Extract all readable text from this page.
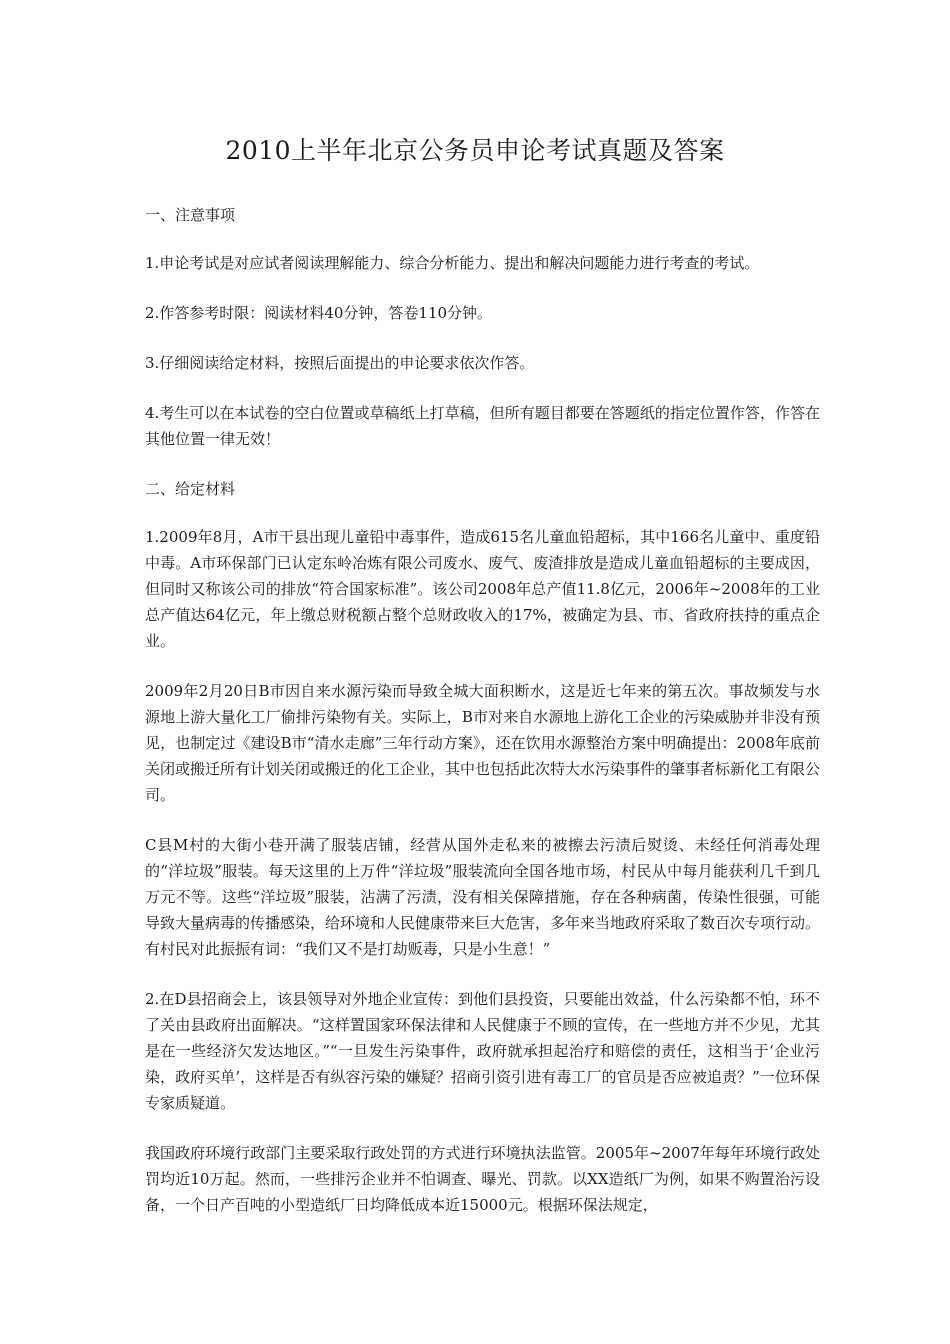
2010上半年北京公务员申论考试真题及答案

一、注意事项

1.申论考试是对应试者阅读理解能力、综合分析能力、提出和解决问题能力进行考查的考试。

2.作答参考时限：阅读材料40分钟，答卷110分钟。

3.仔细阅读给定材料，按照后面提出的申论要求依次作答。

4.考生可以在本试卷的空白位置或草稿纸上打草稿，但所有题目都要在答题纸的指定位置作答，作答在其他位置一律无效！

二、给定材料

1.2009年8月，A市干县出现儿童铅中毒事件，造成615名儿童血铅超标，其中166名儿童中、重度铅中毒。A市环保部门已认定东岭冶炼有限公司废水、废气、废渣排放是造成儿童血铅超标的主要成因，但同时又称该公司的排放“符合国家标准”。该公司2008年总产值11.8亿元，2006年~2008年的工业总产值达64亿元，年上缴总财税额占整个总财政收入的17%，被确定为县、市、省政府扶持的重点企业。

2009年2月20日B市因自来水源污染而导致全城大面积断水，这是近七年来的第五次。事故频发与水源地上游大量化工厂偷排污染物有关。实际上，B市对来自水源地上游化工企业的污染威胁并非没有预见，也制定过《建设B市“清水走廊”三年行动方案》，还在饮用水源整治方案中明确提出：2008年底前关闭或搬迁所有计划关闭或搬迁的化工企业，其中也包括此次特大水污染事件的肇事者标新化工有限公司。

C县M村的大街小巷开满了服装店铺，经营从国外走私来的被擦去污渍后熨烫、未经任何消毒处理的“洋垃圾”服装。每天这里的上万件“洋垃圾”服装流向全国各地市场，村民从中每月能获利几千到几万元不等。这些“洋垃圾”服装，沾满了污渍，没有相关保障措施，存在各种病菌，传染性很强，可能导致大量病毒的传播感染，给环境和人民健康带来巨大危害，多年来当地政府采取了数百次专项行动。有村民对此振振有词：“我们又不是打劫贩毒，只是小生意！”

2.在D县招商会上，该县领导对外地企业宣传：到他们县投资，只要能出效益，什么污染都不怕，环不了关由县政府出面解决。“这样置国家环保法律和人民健康于不顾的宣传，在一些地方并不少见，尤其是在一些经济欠发达地区。”“一旦发生污染事件，政府就承担起治疗和赔偿的责任，这相当于‘企业污染，政府买单’，这样是否有纵容污染的嫌疑？招商引资引进有毒工厂的官员是否应被追责？”一位环保专家质疑道。

我国政府环境行政部门主要采取行政处罚的方式进行环境执法监管。2005年~2007年每年环境行政处罚均近10万起。然而，一些排污企业并不怕调查、曝光、罚款。以XX造纸厂为例，如果不购置治污设备，一个日产百吨的小型造纸厂日均降低成本近15000元。根据环保法规定，
